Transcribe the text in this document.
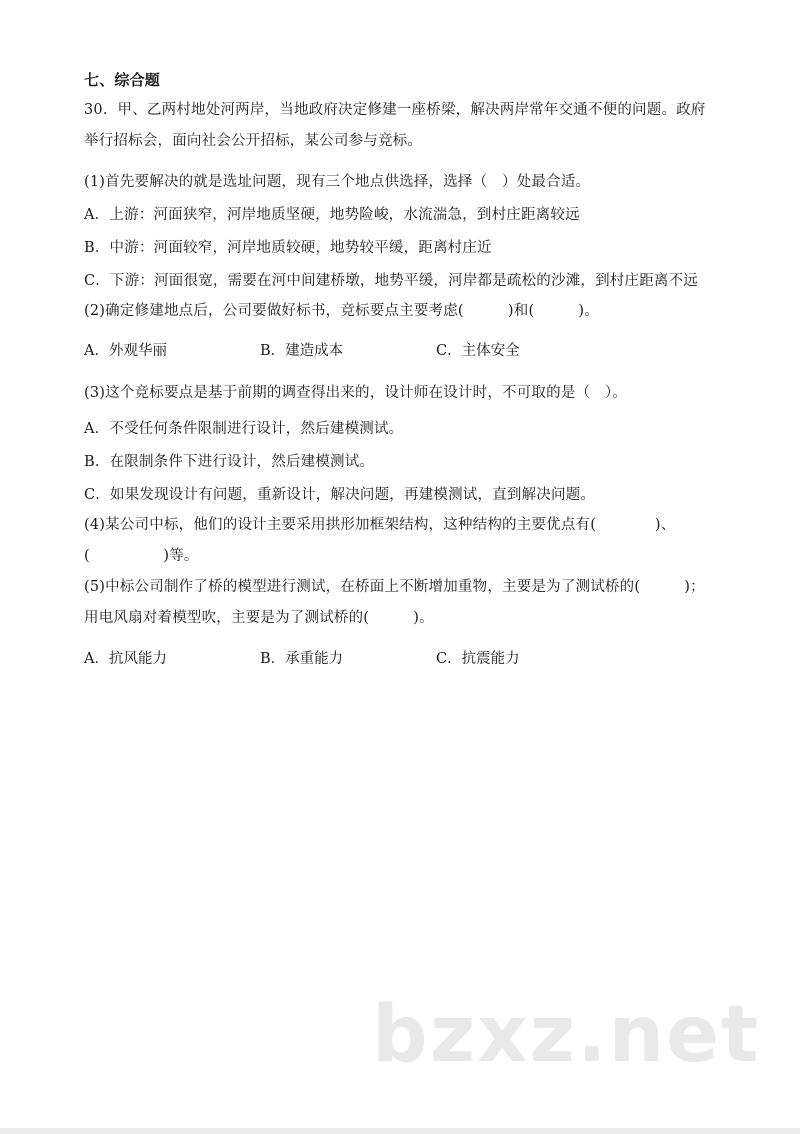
七、综合题
30．甲、乙两村地处河两岸，当地政府决定修建一座桥梁，解决两岸常年交通不便的问题。政府
举行招标会，面向社会公开招标，某公司参与竞标。
(1)首先要解决的就是选址问题，现有三个地点供选择，选择（　）处最合适。
A．上游：河面狭窄，河岸地质坚硬，地势险峻，水流湍急，到村庄距离较远
B．中游：河面较窄，河岸地质较硬，地势较平缓，距离村庄近
C．下游：河面很宽，需要在河中间建桥墩，地势平缓，河岸都是疏松的沙滩，到村庄距离不远
(2)确定修建地点后，公司要做好标书，竞标要点主要考虑(　　　)和(　　　)。
A．外观华丽	B．建造成本	C．主体安全
(3)这个竞标要点是基于前期的调查得出来的，设计师在设计时，不可取的是（　）。
A．不受任何条件限制进行设计，然后建模测试。
B．在限制条件下进行设计，然后建模测试。
C．如果发现设计有问题，重新设计，解决问题，再建模测试，直到解决问题。
(4)某公司中标，他们的设计主要采用拱形加框架结构，这种结构的主要优点有(　　　　)、
(　　　　　)等。
(5)中标公司制作了桥的模型进行测试，在桥面上不断增加重物，主要是为了测试桥的(　　　)；
用电风扇对着模型吹，主要是为了测试桥的(　　　)。
A．抗风能力	B．承重能力	C．抗震能力
bzxz.net
